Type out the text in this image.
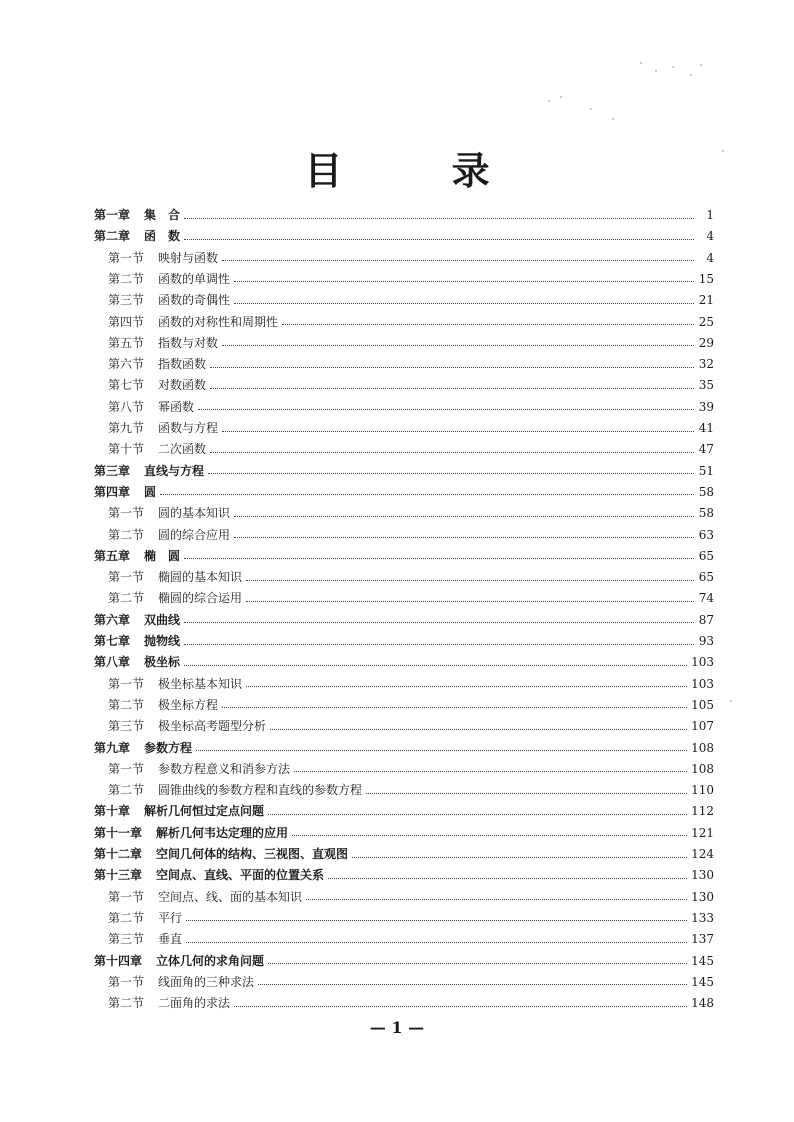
目 录
第一章	集　合	1
第二章	函　数	4
第一节	映射与函数	4
第二节	函数的单调性	15
第三节	函数的奇偶性	21
第四节	函数的对称性和周期性	25
第五节	指数与对数	29
第六节	指数函数	32
第七节	对数函数	35
第八节	幂函数	39
第九节	函数与方程	41
第十节	二次函数	47
第三章	直线与方程	51
第四章	圆	58
第一节	圆的基本知识	58
第二节	圆的综合应用	63
第五章	椭　圆	65
第一节	椭圆的基本知识	65
第二节	椭圆的综合运用	74
第六章	双曲线	87
第七章	抛物线	93
第八章	极坐标	103
第一节	极坐标基本知识	103
第二节	极坐标方程	105
第三节	极坐标高考题型分析	107
第九章	参数方程	108
第一节	参数方程意义和消参方法	108
第二节	圆锥曲线的参数方程和直线的参数方程	110
第十章	解析几何恒过定点问题	112
第十一章	解析几何韦达定理的应用	121
第十二章	空间几何体的结构、三视图、直观图	124
第十三章	空间点、直线、平面的位置关系	130
第一节	空间点、线、面的基本知识	130
第二节	平行	133
第三节	垂直	137
第十四章	立体几何的求角问题	145
第一节	线面角的三种求法	145
第二节	二面角的求法	148
— 1 —
